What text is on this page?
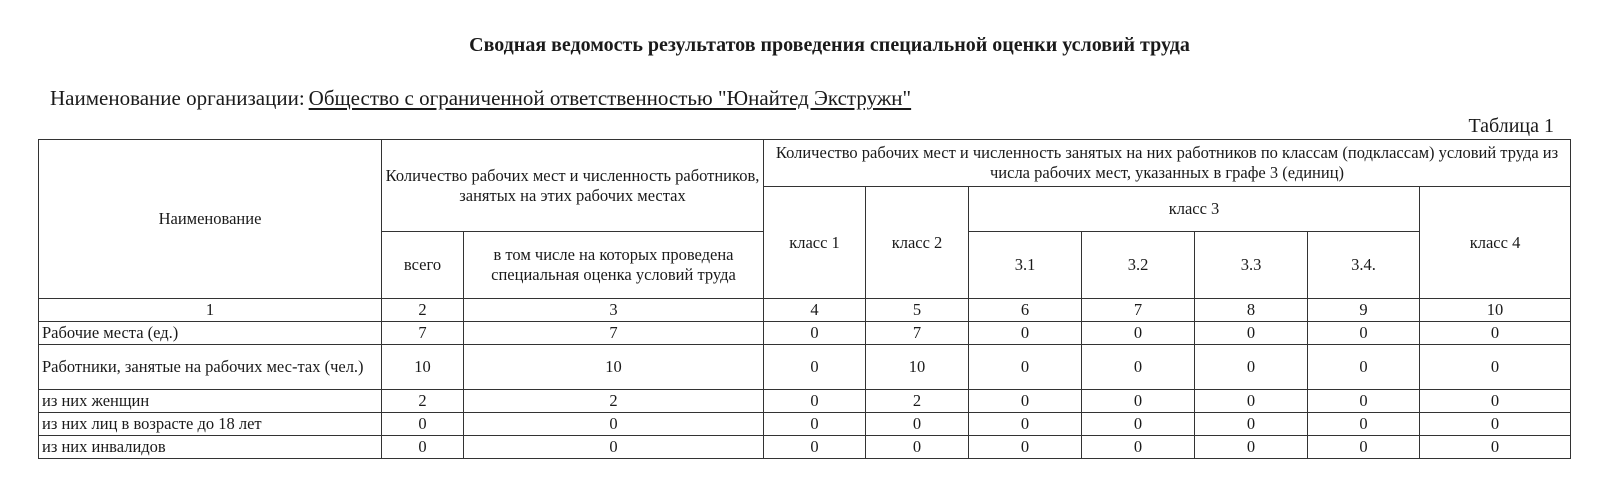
Сводная ведомость результатов проведения специальной оценки условий труда
Наименование организации: Общество с ограниченной ответственностью "Юнайтед Экстружн"
Таблица 1
Наименование	Количество рабочих мест и численность работников, занятых на этих рабочих местах		Количество рабочих мест и численность занятых на них работников по классам (подклассам) условий труда из числа рабочих мест, указанных в графе 3 (единиц)						
			класс 1	класс 2	класс 3				класс 4
	всего	в том числе на которых проведена специальная оценка условий труда			3.1	3.2	3.3	3.4.	
1	2	3	4	5	6	7	8	9	10
Рабочие места (ед.)	7	7	0	7	0	0	0	0	0
Работники, занятые на рабочих мес-тах (чел.)	10	10	0	10	0	0	0	0	0
из них женщин	2	2	0	2	0	0	0	0	0
из них лиц в возрасте до 18 лет	0	0	0	0	0	0	0	0	0
из них инвалидов	0	0	0	0	0	0	0	0	0
